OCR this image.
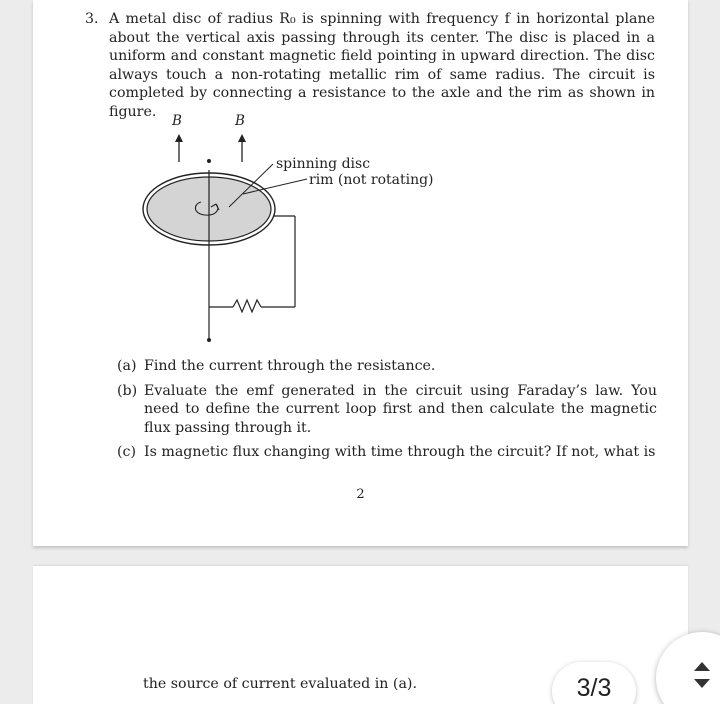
3. A metal disc of radius R₀ is spinning with frequency f in horizontal plane about the vertical axis passing through its center. The disc is placed in a uniform and constant magnetic field pointing in upward direction. The disc always touch a non-rotating metallic rim of same radius. The circuit is completed by connecting a resistance to the axle and the rim as shown in figure.
B	B
spinning disc
rim (not rotating)
(a) Find the current through the resistance.
(b) Evaluate the emf generated in the circuit using Faraday’s law. You need to define the current loop first and then calculate the magnetic flux passing through it.
(c) Is magnetic flux changing with time through the circuit? If not, what is
2
the source of current evaluated in (a).	3/3
